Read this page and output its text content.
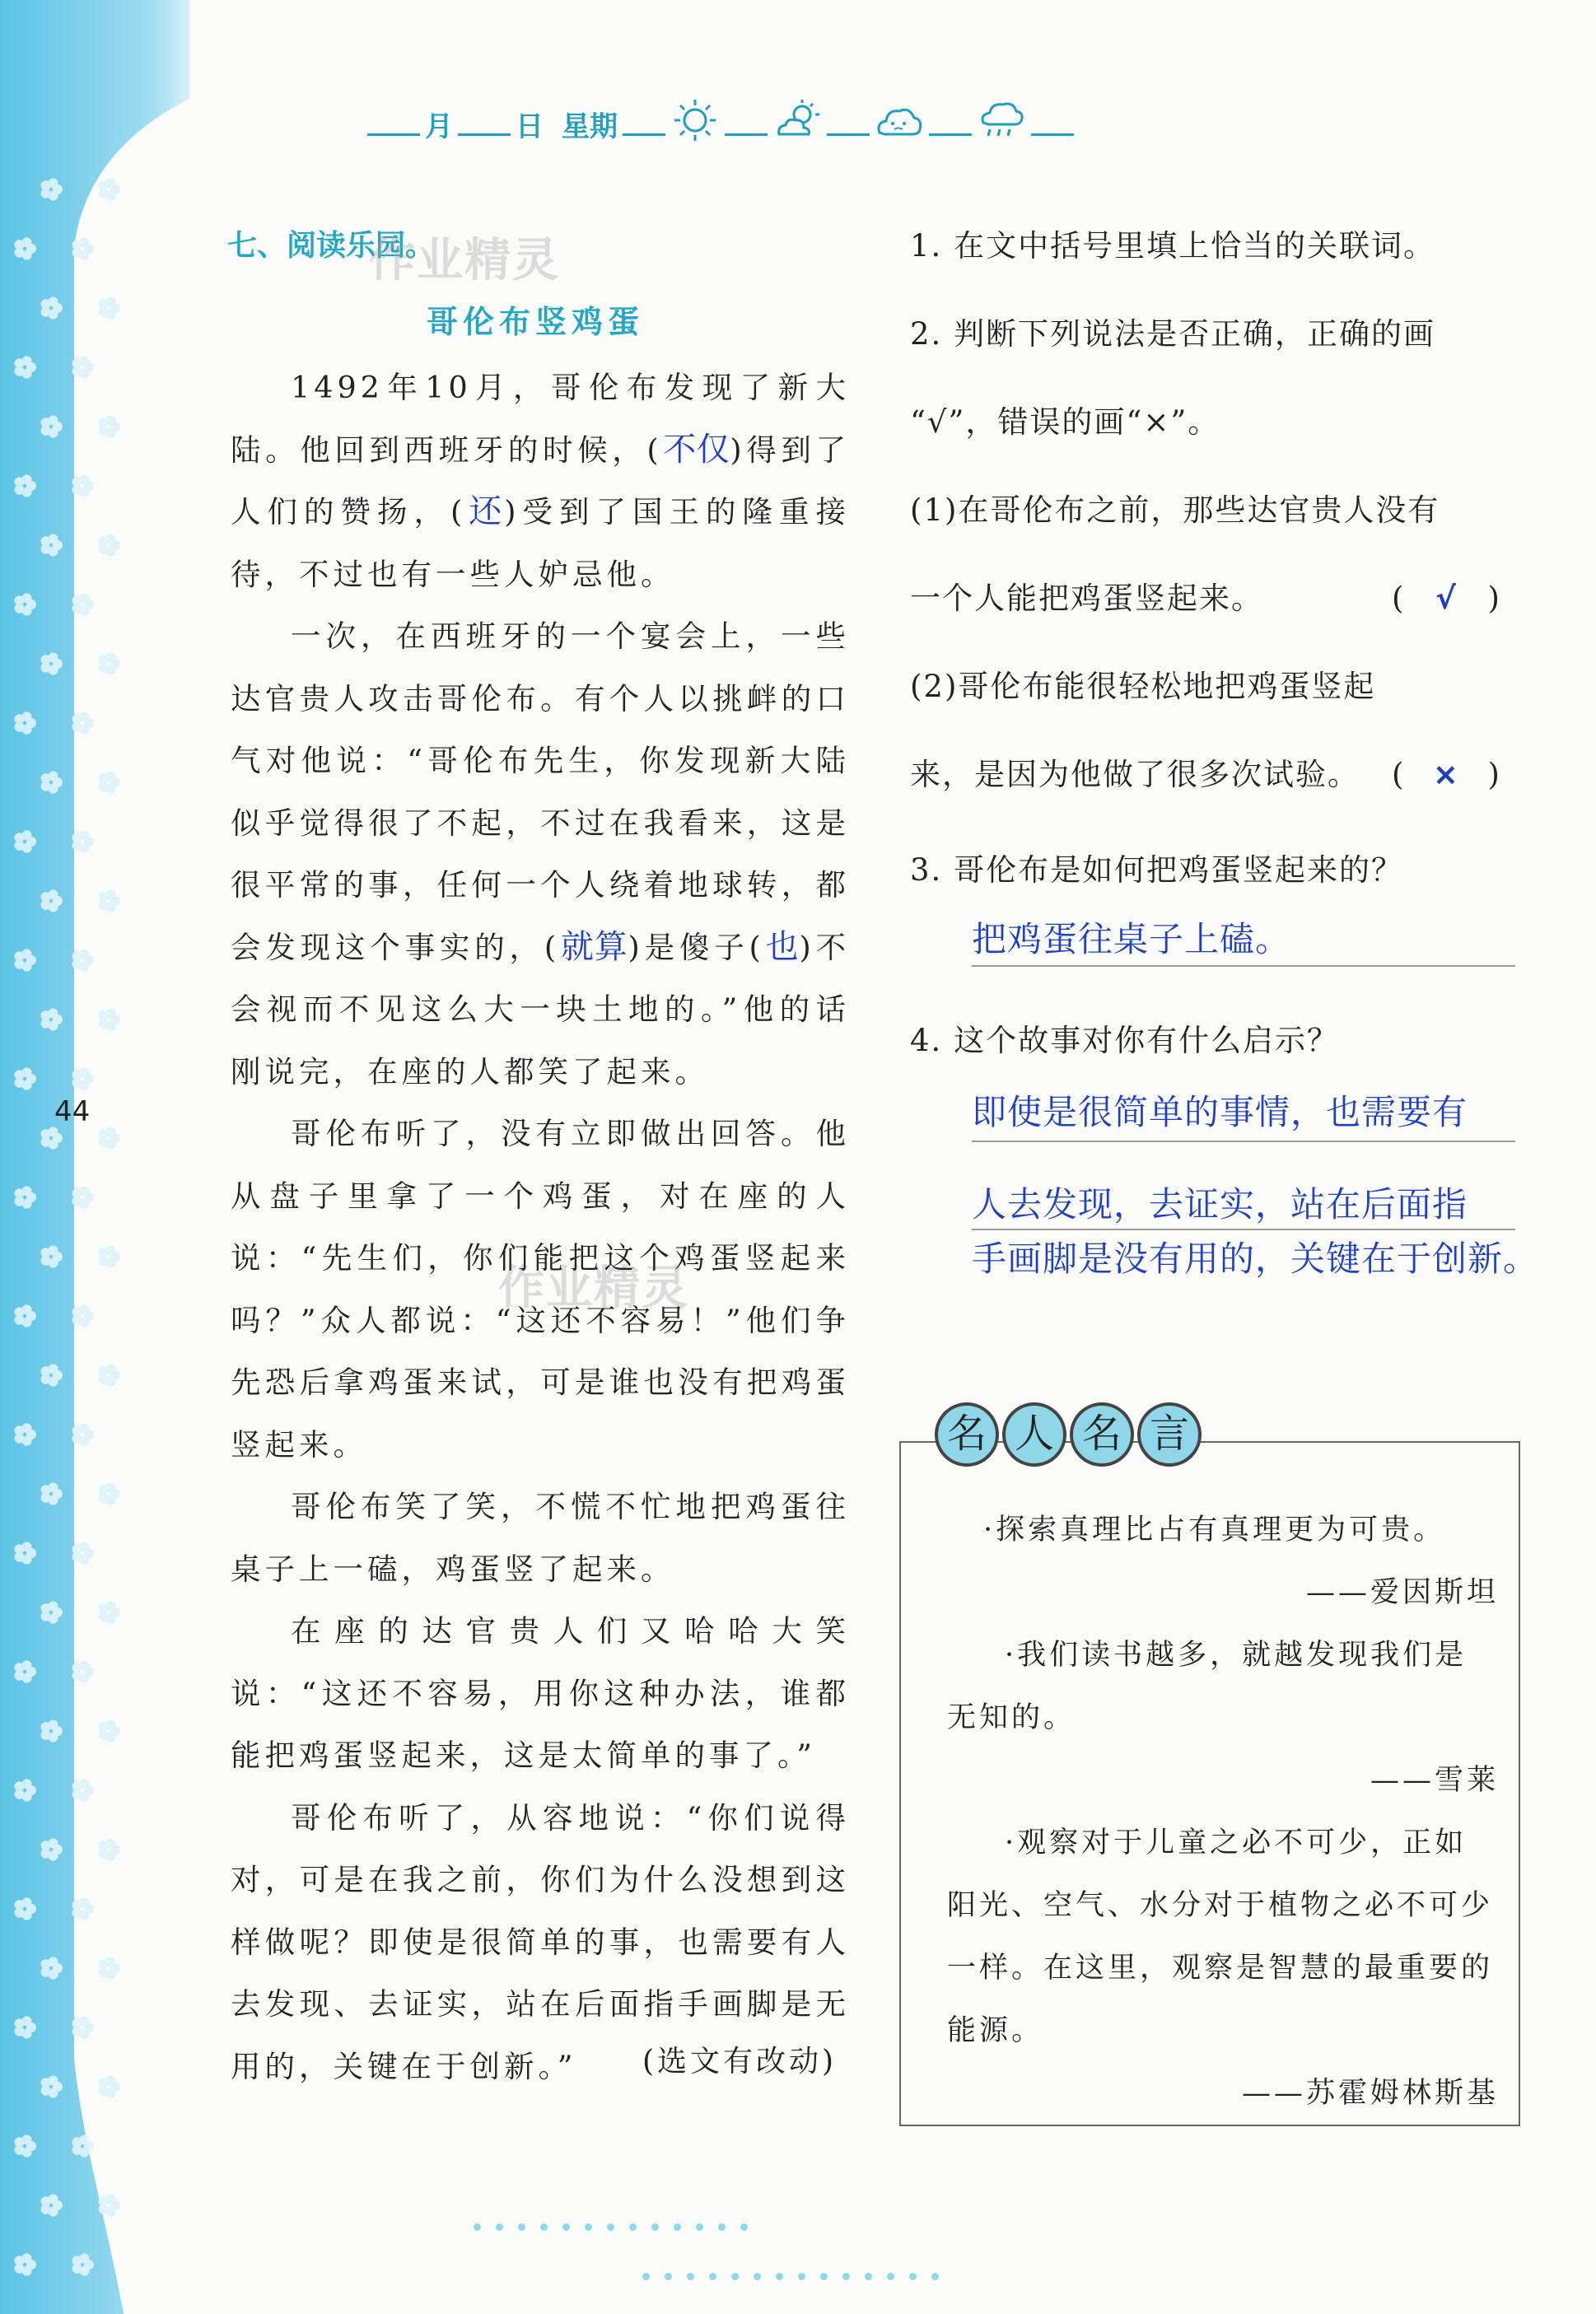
月 日 星期
44
七、阅读乐园。
作业精灵
作业精灵
哥伦布竖鸡蛋

1492年10月，哥伦布发现了新大陆。他回到西班牙的时候，(不仅)得到了人们的赞扬，(还)受到了国王的隆重接待，不过也有一些人妒忌他。

一次，在西班牙的一个宴会上，一些达官贵人攻击哥伦布。有个人以挑衅的口气对他说：“哥伦布先生，你发现新大陆似乎觉得很了不起，不过在我看来，这是很平常的事，任何一个人绕着地球转，都会发现这个事实的，(就算)是傻子(也)不会视而不见这么大一块土地的。”他的话刚说完，在座的人都笑了起来。

哥伦布听了，没有立即做出回答。他从盘子里拿了一个鸡蛋，对在座的人说：“先生们，你们能把这个鸡蛋竖起来吗？”众人都说：“这还不容易！”他们争先恐后拿鸡蛋来试，可是谁也没有把鸡蛋竖起来。

哥伦布笑了笑，不慌不忙地把鸡蛋往桌子上一磕，鸡蛋竖了起来。

在座的达官贵人们又哈哈大笑说：“这还不容易，用你这种办法，谁都能把鸡蛋竖起来，这是太简单的事了。”

哥伦布听了，从容地说：“你们说得对，可是在我之前，你们为什么没想到这样做呢？即使是很简单的事，也需要有人去发现、去证实，站在后面指手画脚是无用的，关键在于创新。”	(选文有改动)
1. 在文中括号里填上恰当的关联词。
2. 判断下列说法是否正确，正确的画
“√”，错误的画“×”。
(1)在哥伦布之前，那些达官贵人没有
一个人能把鸡蛋竖起来。	( √ )
(2)哥伦布能很轻松地把鸡蛋竖起
来，是因为他做了很多次试验。 ( × )
3. 哥伦布是如何把鸡蛋竖起来的？
把鸡蛋往桌子上磕。
4. 这个故事对你有什么启示？
即使是很简单的事情，也需要有
人去发现，去证实，站在后面指
手画脚是没有用的，关键在于创新。
名 人 名 言
·探索真理比占有真理更为可贵。
——爱因斯坦
·我们读书越多，就越发现我们是
无知的。
——雪莱
·观察对于儿童之必不可少，正如
阳光、空气、水分对于植物之必不可少
一样。在这里，观察是智慧的最重要的
能源。
——苏霍姆林斯基
